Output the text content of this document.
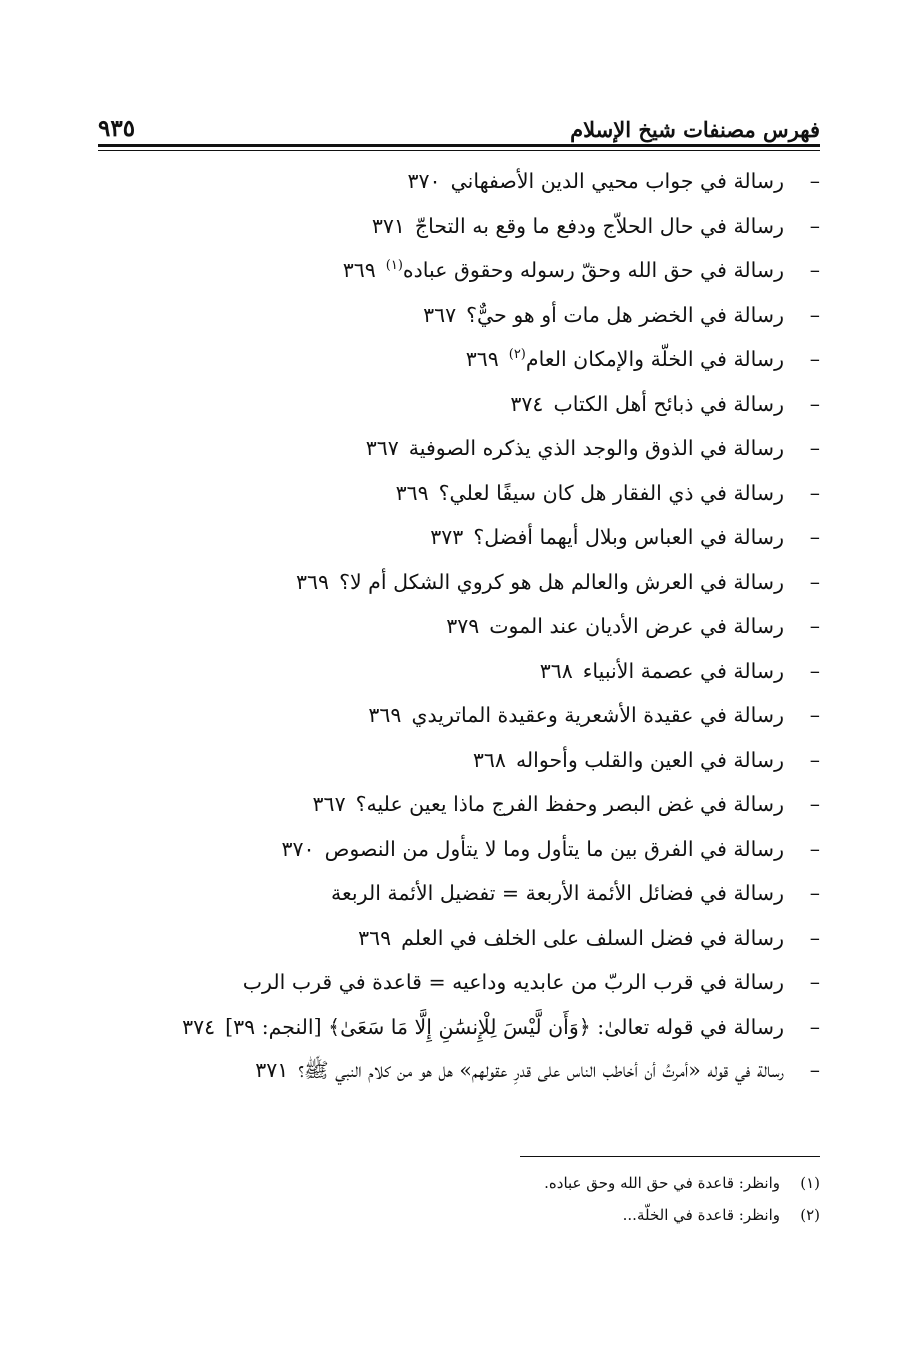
فهرس مصنفات شيخ الإسلام
٩٣٥
–
رسالة في جواب محيي الدين الأصفهاني٣٧٠
–
رسالة في حال الحلاّج ودفع ما وقع به التحاجّ٣٧١
–
رسالة في حق الله وحقّ رسوله وحقوق عباده$^{(١)}$٣٦٩
–
رسالة في الخضر هل مات أو هو حيٌّ؟٣٦٧
–
رسالة في الخلّة والإمكان العام$^{(٢)}$٣٦٩
–
رسالة في ذبائح أهل الكتاب٣٧٤
–
رسالة في الذوق والوجد الذي يذكره الصوفية٣٦٧
–
رسالة في ذي الفقار هل كان سيفًا لعلي؟٣٦٩
–
رسالة في العباس وبلال أيهما أفضل؟٣٧٣
–
رسالة في العرش والعالم هل هو كروي الشكل أم لا؟٣٦٩
–
رسالة في عرض الأديان عند الموت٣٧٩
–
رسالة في عصمة الأنبياء٣٦٨
–
رسالة في عقيدة الأشعرية وعقيدة الماتريدي٣٦٩
–
رسالة في العين والقلب وأحواله٣٦٨
–
رسالة في غض البصر وحفظ الفرج ماذا يعين عليه؟٣٦٧
–
رسالة في الفرق بين ما يتأول وما لا يتأول من النصوص٣٧٠
–
رسالة في فضائل الأئمة الأربعة = تفضيل الأئمة الربعة
–
رسالة في فضل السلف على الخلف في العلم٣٦٩
–
رسالة في قرب الربّ من عابديه وداعيه = قاعدة في قرب الرب
–
رسالة في قوله تعالىٰ: ﴿وَأَن لَّيْسَ لِلْإِنسَٰنِ إِلَّا مَا سَعَىٰ﴾ [النجم: ٣٩]٣٧٤
–
رسالة في قوله «أمرتُ أن أخاطب الناس على قدرِ عقولهم» هل هو من كلام النبي ﷺ؟٣٧١
(١)وانظر: قاعدة في حق الله وحق عباده.
(٢)وانظر: قاعدة في الخلّة...
